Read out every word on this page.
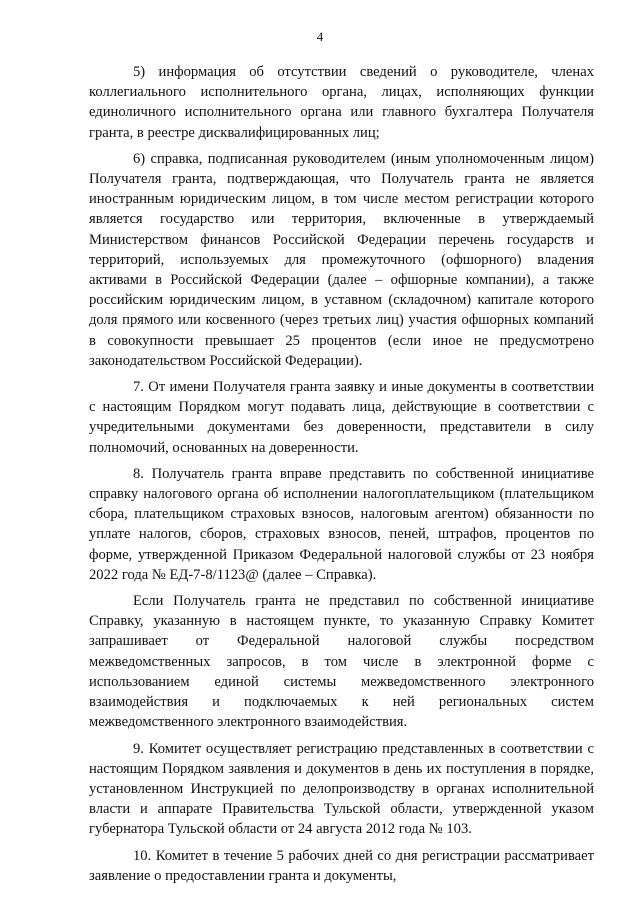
4

5) информация об отсутствии сведений о руководителе, членах коллегиального исполнительного органа, лицах, исполняющих функции единоличного исполнительного органа или главного бухгалтера Получателя гранта, в реестре дисквалифицированных лиц;

6) справка, подписанная руководителем (иным уполномоченным лицом) Получателя гранта, подтверждающая, что Получатель гранта не является иностранным юридическим лицом, в том числе местом регистрации которого является государство или территория, включенные в утверждаемый Министерством финансов Российской Федерации перечень государств и территорий, используемых для промежуточного (офшорного) владения активами в Российской Федерации (далее – офшорные компании), а также российским юридическим лицом, в уставном (складочном) капитале которого доля прямого или косвенного (через третьих лиц) участия офшорных компаний в совокупности превышает 25 процентов (если иное не предусмотрено законодательством Российской Федерации).

7. От имени Получателя гранта заявку и иные документы в соответствии с настоящим Порядком могут подавать лица, действующие в соответствии с учредительными документами без доверенности, представители в силу полномочий, основанных на доверенности.

8. Получатель гранта вправе представить по собственной инициативе справку налогового органа об исполнении налогоплательщиком (плательщиком сбора, плательщиком страховых взносов, налоговым агентом) обязанности по уплате налогов, сборов, страховых взносов, пеней, штрафов, процентов по форме, утвержденной Приказом Федеральной налоговой службы от 23 ноября 2022 года № ЕД-7-8/1123@ (далее – Справка).

Если Получатель гранта не представил по собственной инициативе Справку, указанную в настоящем пункте, то указанную Справку Комитет запрашивает от Федеральной налоговой службы посредством межведомственных запросов, в том числе в электронной форме с использованием единой системы межведомственного электронного взаимодействия и подключаемых к ней региональных систем межведомственного электронного взаимодействия.

9. Комитет осуществляет регистрацию представленных в соответствии с настоящим Порядком заявления и документов в день их поступления в порядке, установленном Инструкцией по делопроизводству в органах исполнительной власти и аппарате Правительства Тульской области, утвержденной указом губернатора Тульской области от 24 августа 2012 года № 103.

10. Комитет в течение 5 рабочих дней со дня регистрации рассматривает заявление о предоставлении гранта и документы,
